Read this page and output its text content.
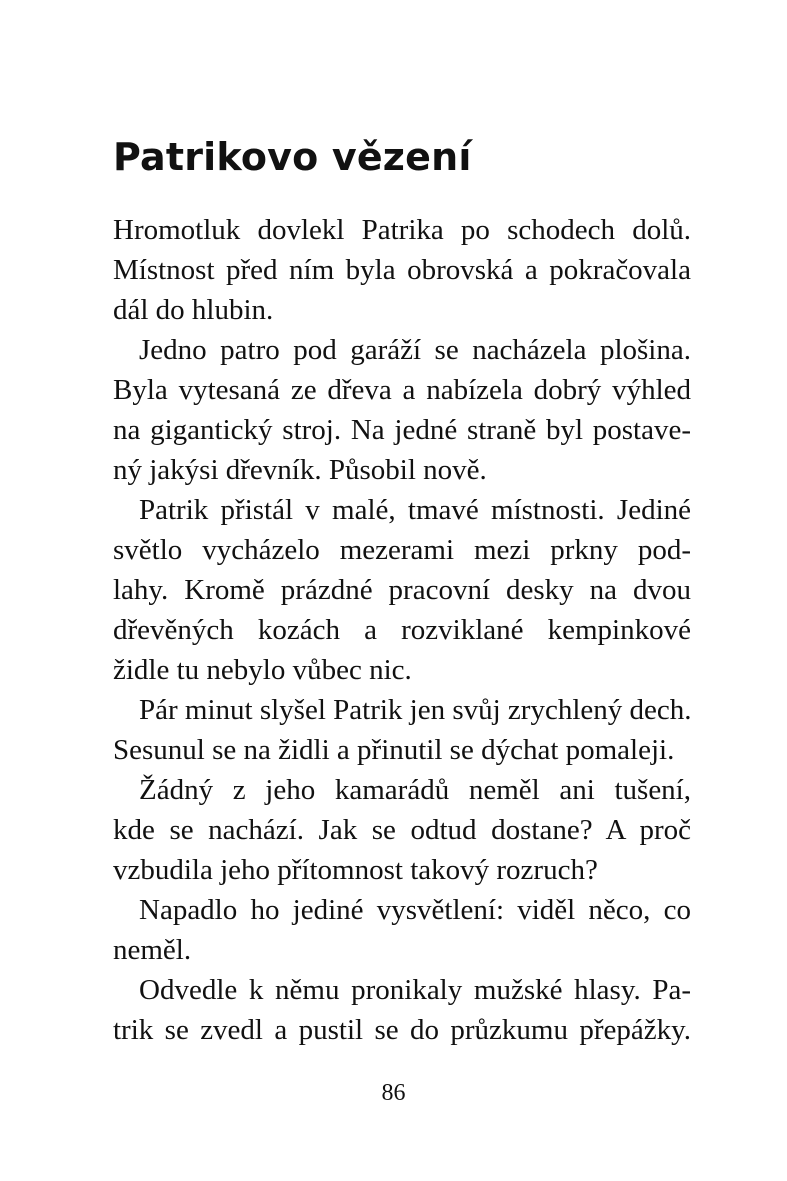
Patrikovo vězení
Hromotluk dovlekl Patrika po schodech dolů.
Místnost před ním byla obrovská a pokračovala
dál do hlubin.
Jedno patro pod garáží se nacházela plošina.
Byla vytesaná ze dřeva a nabízela dobrý výhled
na gigantický stroj. Na jedné straně byl postave-
ný jakýsi dřevník. Působil nově.
Patrik přistál v malé, tmavé místnosti. Jediné
světlo vycházelo mezerami mezi prkny pod-
lahy. Kromě prázdné pracovní desky na dvou
dřevěných kozách a rozviklané kempinkové
židle tu nebylo vůbec nic.
Pár minut slyšel Patrik jen svůj zrychlený dech.
Sesunul se na židli a přinutil se dýchat pomaleji.
Žádný z jeho kamarádů neměl ani tušení,
kde se nachází. Jak se odtud dostane? A proč
vzbudila jeho přítomnost takový rozruch?
Napadlo ho jediné vysvětlení: viděl něco, co
neměl.
Odvedle k němu pronikaly mužské hlasy. Pa-
trik se zvedl a pustil se do průzkumu přepážky.
86
